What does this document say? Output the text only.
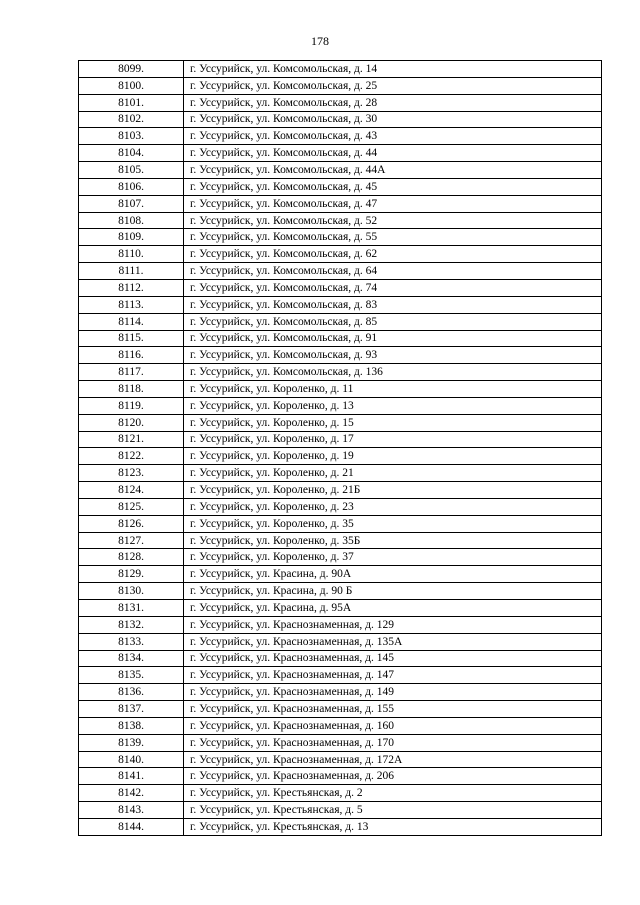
178
8099.	г. Уссурийск, ул. Комсомольская, д. 14
8100.	г. Уссурийск, ул. Комсомольская, д. 25
8101.	г. Уссурийск, ул. Комсомольская, д. 28
8102.	г. Уссурийск, ул. Комсомольская, д. 30
8103.	г. Уссурийск, ул. Комсомольская, д. 43
8104.	г. Уссурийск, ул. Комсомольская, д. 44
8105.	г. Уссурийск, ул. Комсомольская, д. 44А
8106.	г. Уссурийск, ул. Комсомольская, д. 45
8107.	г. Уссурийск, ул. Комсомольская, д. 47
8108.	г. Уссурийск, ул. Комсомольская, д. 52
8109.	г. Уссурийск, ул. Комсомольская, д. 55
8110.	г. Уссурийск, ул. Комсомольская, д. 62
8111.	г. Уссурийск, ул. Комсомольская, д. 64
8112.	г. Уссурийск, ул. Комсомольская, д. 74
8113.	г. Уссурийск, ул. Комсомольская, д. 83
8114.	г. Уссурийск, ул. Комсомольская, д. 85
8115.	г. Уссурийск, ул. Комсомольская, д. 91
8116.	г. Уссурийск, ул. Комсомольская, д. 93
8117.	г. Уссурийск, ул. Комсомольская, д. 136
8118.	г. Уссурийск, ул. Короленко, д. 11
8119.	г. Уссурийск, ул. Короленко, д. 13
8120.	г. Уссурийск, ул. Короленко, д. 15
8121.	г. Уссурийск, ул. Короленко, д. 17
8122.	г. Уссурийск, ул. Короленко, д. 19
8123.	г. Уссурийск, ул. Короленко, д. 21
8124.	г. Уссурийск, ул. Короленко, д. 21Б
8125.	г. Уссурийск, ул. Короленко, д. 23
8126.	г. Уссурийск, ул. Короленко, д. 35
8127.	г. Уссурийск, ул. Короленко, д. 35Б
8128.	г. Уссурийск, ул. Короленко, д. 37
8129.	г. Уссурийск, ул. Красина, д. 90А
8130.	г. Уссурийск, ул. Красина, д. 90 Б
8131.	г. Уссурийск, ул. Красина, д. 95А
8132.	г. Уссурийск, ул. Краснознаменная, д. 129
8133.	г. Уссурийск, ул. Краснознаменная, д. 135А
8134.	г. Уссурийск, ул. Краснознаменная, д. 145
8135.	г. Уссурийск, ул. Краснознаменная, д. 147
8136.	г. Уссурийск, ул. Краснознаменная, д. 149
8137.	г. Уссурийск, ул. Краснознаменная, д. 155
8138.	г. Уссурийск, ул. Краснознаменная, д. 160
8139.	г. Уссурийск, ул. Краснознаменная, д. 170
8140.	г. Уссурийск, ул. Краснознаменная, д. 172А
8141.	г. Уссурийск, ул. Краснознаменная, д. 206
8142.	г. Уссурийск, ул. Крестьянская, д. 2
8143.	г. Уссурийск, ул. Крестьянская, д. 5
8144.	г. Уссурийск, ул. Крестьянская, д. 13
